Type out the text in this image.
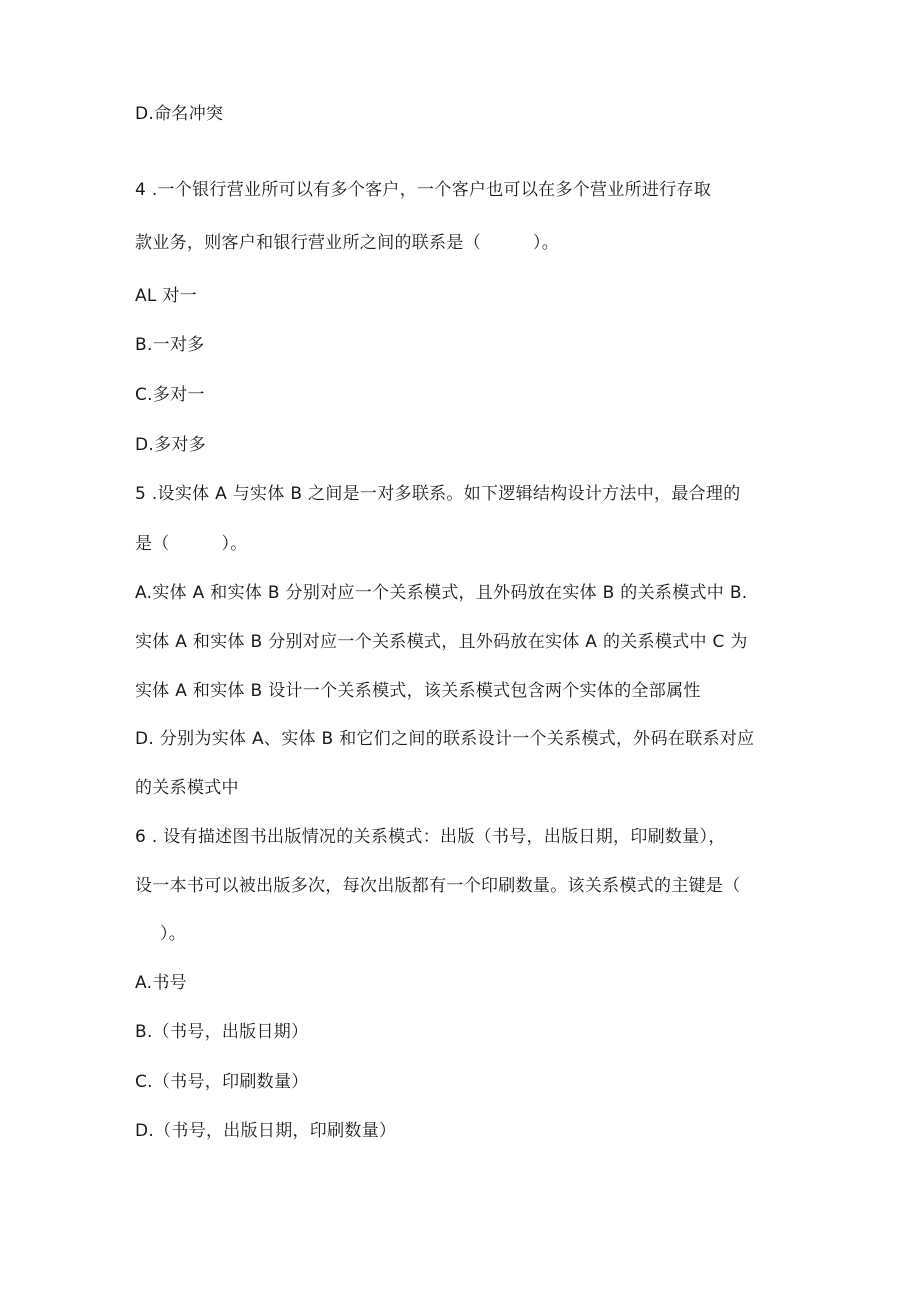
D.命名冲突
4 .一个银行营业所可以有多个客户，一个客户也可以在多个营业所进行存取
款业务，则客户和银行营业所之间的联系是（　　　）。
AL 对一
B.一对多
C.多对一
D.多对多
5 .设实体 A 与实体 B 之间是一对多联系。如下逻辑结构设计方法中，最合理的
是（　　　）。
A.实体 A 和实体 B 分别对应一个关系模式，且外码放在实体 B 的关系模式中 B.
实体 A 和实体 B 分别对应一个关系模式，且外码放在实体 A 的关系模式中 C 为
实体 A 和实体 B 设计一个关系模式，该关系模式包含两个实体的全部属性
D. 分别为实体 A、实体 B 和它们之间的联系设计一个关系模式，外码在联系对应
的关系模式中
6 . 设有描述图书出版情况的关系模式：出版（书号，出版日期，印刷数量），
设一本书可以被出版多次，每次出版都有一个印刷数量。该关系模式的主键是（
）。
A.书号
B.（书号，出版日期）
C.（书号，印刷数量）
D.（书号，出版日期，印刷数量）
